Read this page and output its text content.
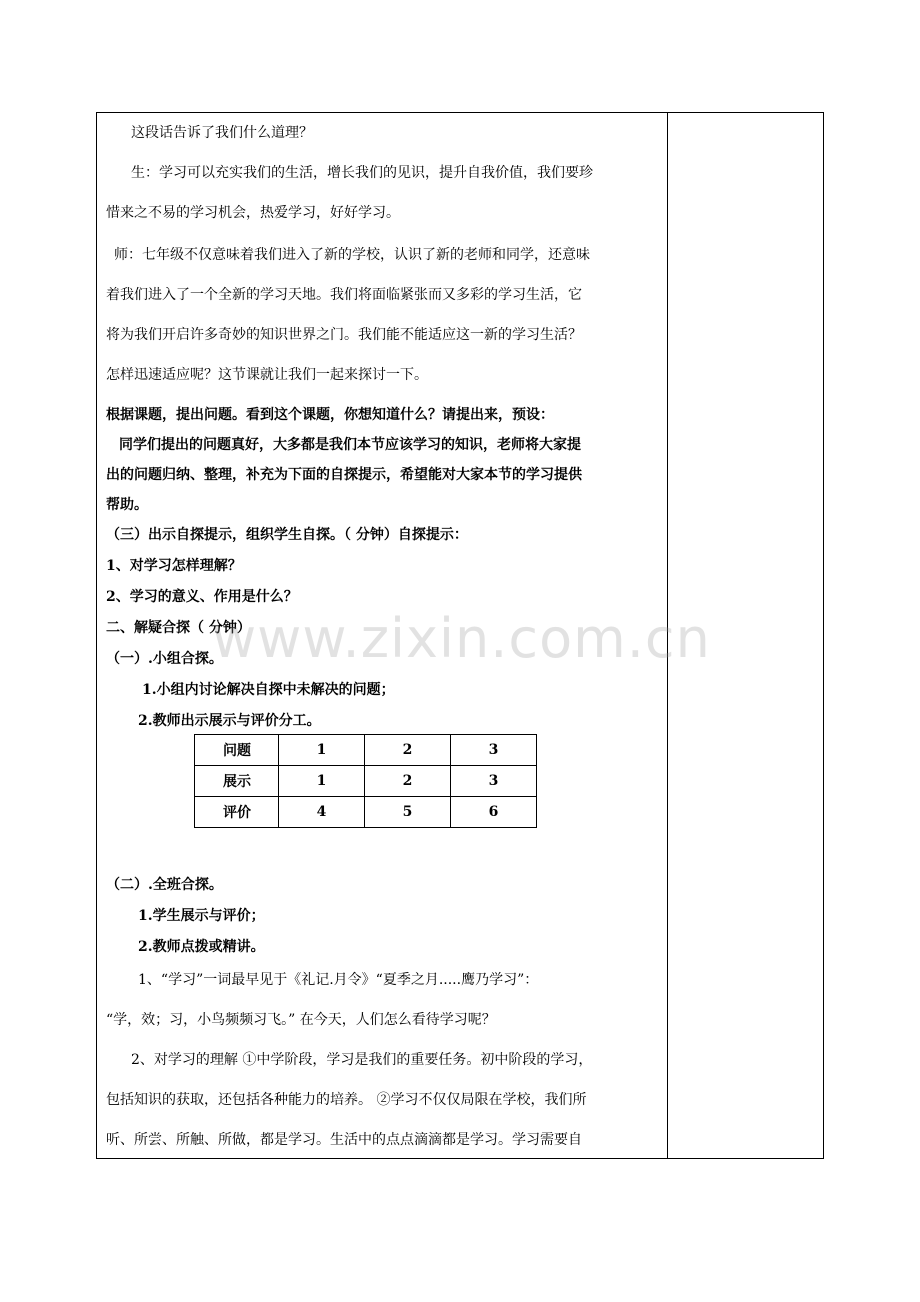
这段话告诉了我们什么道理？
生：学习可以充实我们的生活，增长我们的见识，提升自我价值，我们要珍
惜来之不易的学习机会，热爱学习，好好学习。
师：七年级不仅意味着我们进入了新的学校，认识了新的老师和同学，还意味
着我们进入了一个全新的学习天地。我们将面临紧张而又多彩的学习生活，它
将为我们开启许多奇妙的知识世界之门。我们能不能适应这一新的学习生活？
怎样迅速适应呢？这节课就让我们一起来探讨一下。
根据课题，提出问题。看到这个课题，你想知道什么？请提出来，预设：
同学们提出的问题真好，大多都是我们本节应该学习的知识，老师将大家提
出的问题归纳、整理，补充为下面的自探提示，希望能对大家本节的学习提供
帮助。
（三）出示自探提示，组织学生自探。（ 分钟）自探提示：
1、对学习怎样理解？
2、学习的意义、作用是什么？
二、解疑合探（ 分钟）
（一）.小组合探。
1.小组内讨论解决自探中未解决的问题；
2.教师出示展示与评价分工。
问题	1	2	3
展示	1	2	3
评价	4	5	6
（二）.全班合探。
1.学生展示与评价；
2.教师点拨或精讲。
1、“学习”一词最早见于《礼记.月令》“夏季之月.....鹰乃学习”：
“学，效；习，小鸟频频习飞。” 在今天，人们怎么看待学习呢？
2、对学习的理解 ①中学阶段，学习是我们的重要任务。初中阶段的学习，
包括知识的获取，还包括各种能力的培养。 ②学习不仅仅局限在学校，我们所
听、所尝、所触、所做，都是学习。生活中的点点滴滴都是学习。学习需要自
www.zixin.com.cn
